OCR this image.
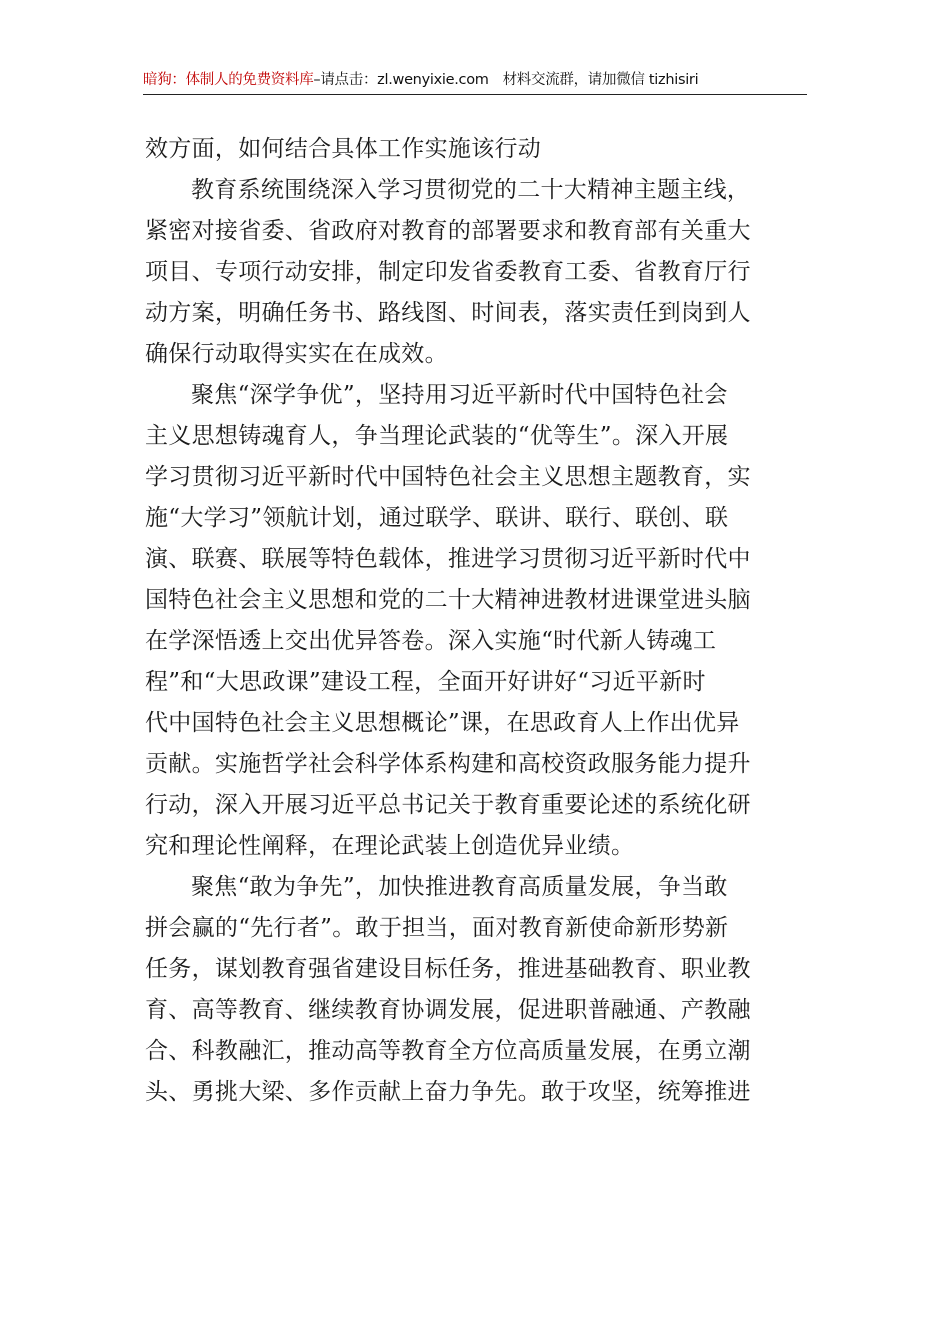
暗狗：体制人的免费资料库–请点击：zl.wenyixie.com 材料交流群，请加微信 tizhisiri
效方面，如何结合具体工作实施该行动
教育系统围绕深入学习贯彻党的二十大精神主题主线，
紧密对接省委、省政府对教育的部署要求和教育部有关重大
项目、专项行动安排，制定印发省委教育工委、省教育厅行
动方案，明确任务书、路线图、时间表，落实责任到岗到人
确保行动取得实实在在成效。
聚焦“深学争优”，坚持用习近平新时代中国特色社会
主义思想铸魂育人，争当理论武装的“优等生”。深入开展
学习贯彻习近平新时代中国特色社会主义思想主题教育，实
施“大学习”领航计划，通过联学、联讲、联行、联创、联
演、联赛、联展等特色载体，推进学习贯彻习近平新时代中
国特色社会主义思想和党的二十大精神进教材进课堂进头脑
在学深悟透上交出优异答卷。深入实施“时代新人铸魂工
程”和“大思政课”建设工程，全面开好讲好“习近平新时
代中国特色社会主义思想概论”课，在思政育人上作出优异
贡献。实施哲学社会科学体系构建和高校资政服务能力提升
行动，深入开展习近平总书记关于教育重要论述的系统化研
究和理论性阐释，在理论武装上创造优异业绩。
聚焦“敢为争先”，加快推进教育高质量发展，争当敢
拼会赢的“先行者”。敢于担当，面对教育新使命新形势新
任务，谋划教育强省建设目标任务，推进基础教育、职业教
育、高等教育、继续教育协调发展，促进职普融通、产教融
合、科教融汇，推动高等教育全方位高质量发展，在勇立潮
头、勇挑大梁、多作贡献上奋力争先。敢于攻坚，统筹推进
